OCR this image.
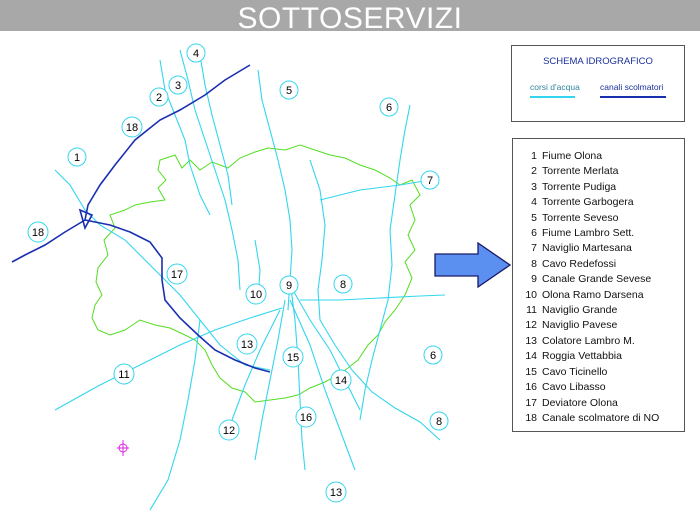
SOTTOSERVIZI
4
3
2
5
6
18
1
7
18
17
9	8
10
13
15	6
11	14
16	8
12
13
SCHEMA IDROGRAFICO
corsi d'acqua canali scolmatori
1 Fiume Olona
2 Torrente Merlata
3 Torrente Pudiga
4 Torrente Garbogera
5 Torrente Seveso
6 Fiume Lambro Sett.
7 Naviglio Martesana
8 Cavo Redefossi
9 Canale Grande Sevese
10 Olona Ramo Darsena
11 Naviglio Grande
12 Naviglio Pavese
13 Colatore Lambro M.
14 Roggia Vettabbia
15 Cavo Ticinello
16 Cavo Libasso
17 Deviatore Olona
18 Canale scolmatore di NO
